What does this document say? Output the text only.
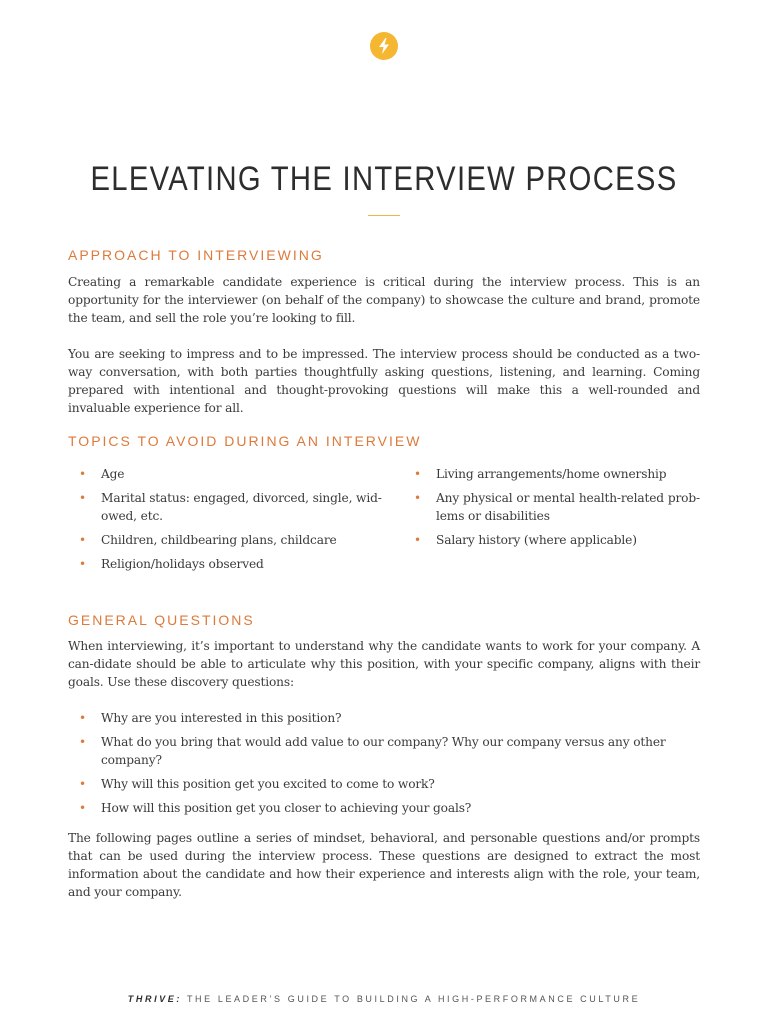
ELEVATING THE INTERVIEW PROCESS
APPROACH TO INTERVIEWING

Creating a remarkable candidate experience is critical during the interview process. This is an opportunity for the interviewer (on behalf of the company) to showcase the culture and brand, promote the team, and sell the role you’re looking to fill.

You are seeking to impress and to be impressed. The interview process should be conducted as a two-way conversation, with both parties thoughtfully asking questions, listening, and learning. Coming prepared with intentional and thought-provoking questions will make this a well-rounded and invaluable experience for all.

TOPICS TO AVOID DURING AN INTERVIEW
• Age
• Marital status: engaged, divorced, single, wid-owed, etc.
• Children, childbearing plans, childcare
• Religion/holidays observed
• Living arrangements/home ownership
• Any physical or mental health-related prob-lems or disabilities
• Salary history (where applicable)
GENERAL QUESTIONS

When interviewing, it’s important to understand why the candidate wants to work for your company. A can-didate should be able to articulate why this position, with your specific company, aligns with their goals. Use these discovery questions:

• Why are you interested in this position?
• What do you bring that would add value to our company? Why our company versus any other company?
• Why will this position get you excited to come to work?
• How will this position get you closer to achieving your goals?

The following pages outline a series of mindset, behavioral, and personable questions and/or prompts that can be used during the interview process. These questions are designed to extract the most information about the candidate and how their experience and interests align with the role, your team, and your company.

THRIVE: THE LEADER’S GUIDE TO BUILDING A HIGH-PERFORMANCE CULTURE
